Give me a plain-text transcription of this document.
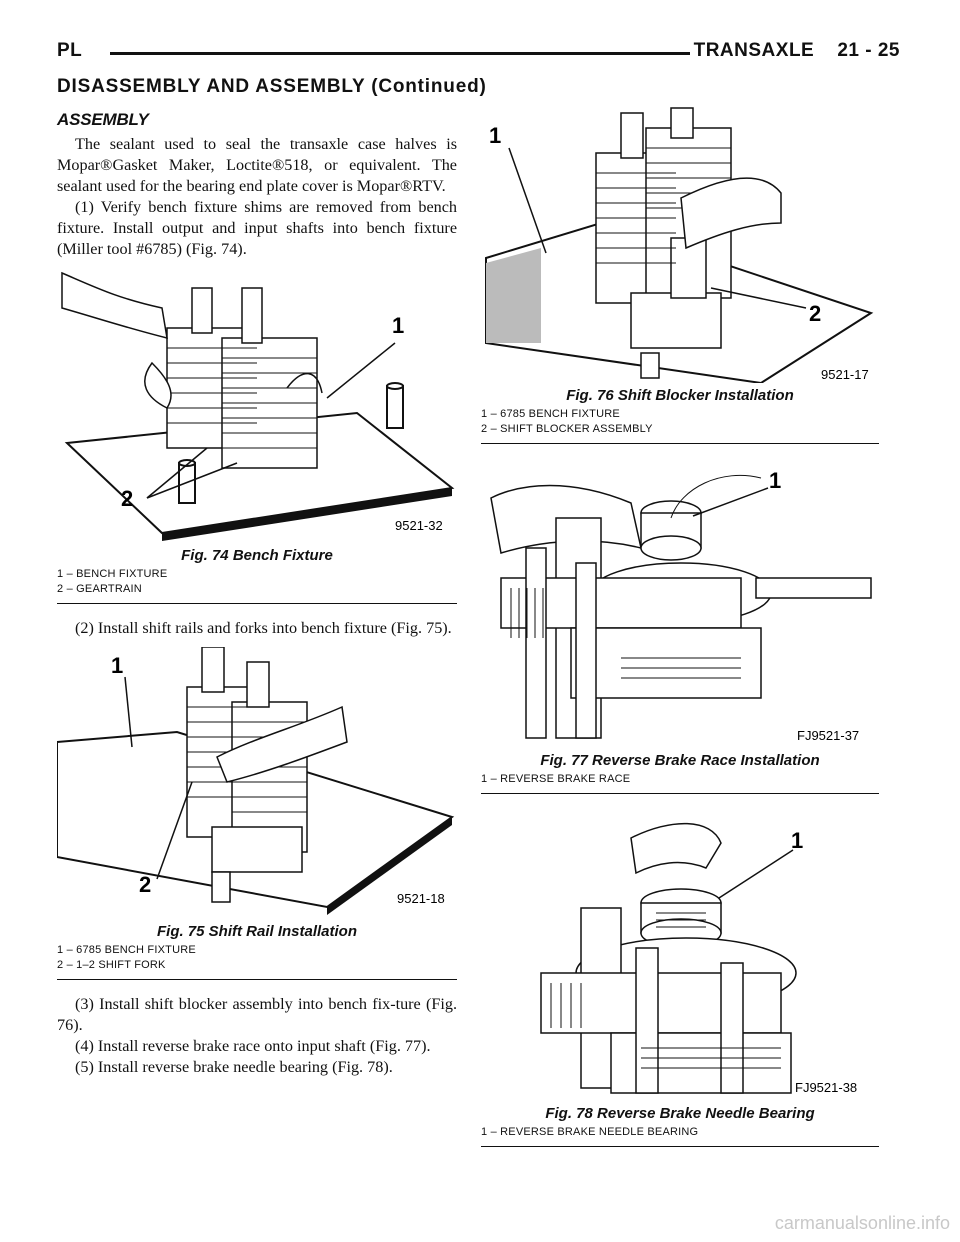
PL	TRANSAXLE    21 - 25
DISASSEMBLY AND ASSEMBLY (Continued)
ASSEMBLY

The sealant used to seal the transaxle case halves is Mopar®Gasket Maker, Loctite®518, or equivalent. The sealant used for the bearing end plate cover is Mopar®RTV.

(1) Verify bench fixture shims are removed from bench fixture. Install output and input shafts into bench fixture (Miller tool #6785) (Fig. 74).

1
2
9521-32
Fig. 74 Bench Fixture
1 – BENCH FIXTURE
2 – GEARTRAIN

(2) Install shift rails and forks into bench fixture (Fig. 75).

1
2
9521-18
Fig. 75 Shift Rail Installation
1 – 6785 BENCH FIXTURE
2 – 1–2 SHIFT FORK

(3) Install shift blocker assembly into bench fix-ture (Fig. 76).

(4) Install reverse brake race onto input shaft (Fig. 77).

(5) Install reverse brake needle bearing (Fig. 78).

1
2
9521-17
Fig. 76 Shift Blocker Installation
1 – 6785 BENCH FIXTURE
2 – SHIFT BLOCKER ASSEMBLY
1
FJ9521-37
Fig. 77 Reverse Brake Race Installation
1 – REVERSE BRAKE RACE
1
FJ9521-38
Fig. 78 Reverse Brake Needle Bearing
1 – REVERSE BRAKE NEEDLE BEARING
carmanualsonline.info
